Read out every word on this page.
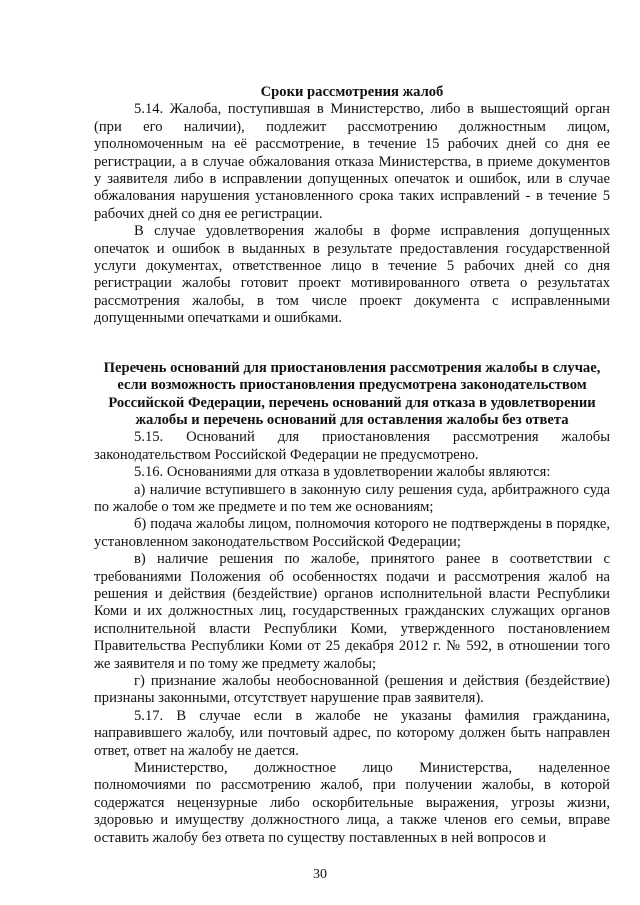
Сроки рассмотрения жалоб

5.14. Жалоба, поступившая в Министерство, либо в вышестоящий орган (при его наличии), подлежит рассмотрению должностным лицом, уполномоченным на её рассмотрение, в течение 15 рабочих дней со дня ее регистрации, а в случае обжалования отказа Министерства, в приеме документов у заявителя либо в исправлении допущенных опечаток и ошибок, или в случае обжалования нарушения установленного срока таких исправлений - в течение 5 рабочих дней со дня ее регистрации.

В случае удовлетворения жалобы в форме исправления допущенных опечаток и ошибок в выданных в результате предоставления государственной услуги документах, ответственное лицо в течение 5 рабочих дней со дня регистрации жалобы готовит проект мотивированного ответа о результатах рассмотрения жалобы, в том числе проект документа с исправленными допущенными опечатками и ошибками.

Перечень оснований для приостановления рассмотрения жалобы в случае, если возможность приостановления предусмотрена законодательством Российской Федерации, перечень оснований для отказа в удовлетворении жалобы и перечень оснований для оставления жалобы без ответа

5.15. Оснований для приостановления рассмотрения жалобы законодательством Российской Федерации не предусмотрено.

5.16. Основаниями для отказа в удовлетворении жалобы являются:

а) наличие вступившего в законную силу решения суда, арбитражного суда по жалобе о том же предмете и по тем же основаниям;

б) подача жалобы лицом, полномочия которого не подтверждены в порядке, установленном законодательством Российской Федерации;

в) наличие решения по жалобе, принятого ранее в соответствии с требованиями Положения об особенностях подачи и рассмотрения жалоб на решения и действия (бездействие) органов исполнительной власти Республики Коми и их должностных лиц, государственных гражданских служащих органов исполнительной власти Республики Коми, утвержденного постановлением Правительства Республики Коми от 25 декабря 2012 г. № 592, в отношении того же заявителя и по тому же предмету жалобы;

г) признание жалобы необоснованной (решения и действия (бездействие) признаны законными, отсутствует нарушение прав заявителя).

5.17. В случае если в жалобе не указаны фамилия гражданина, направившего жалобу, или почтовый адрес, по которому должен быть направлен ответ, ответ на жалобу не дается.

Министерство, должностное лицо Министерства, наделенное полномочиями по рассмотрению жалоб, при получении жалобы, в которой содержатся нецензурные либо оскорбительные выражения, угрозы жизни, здоровью и имуществу должностного лица, а также членов его семьи, вправе оставить жалобу без ответа по существу поставленных в ней вопросов и

30
